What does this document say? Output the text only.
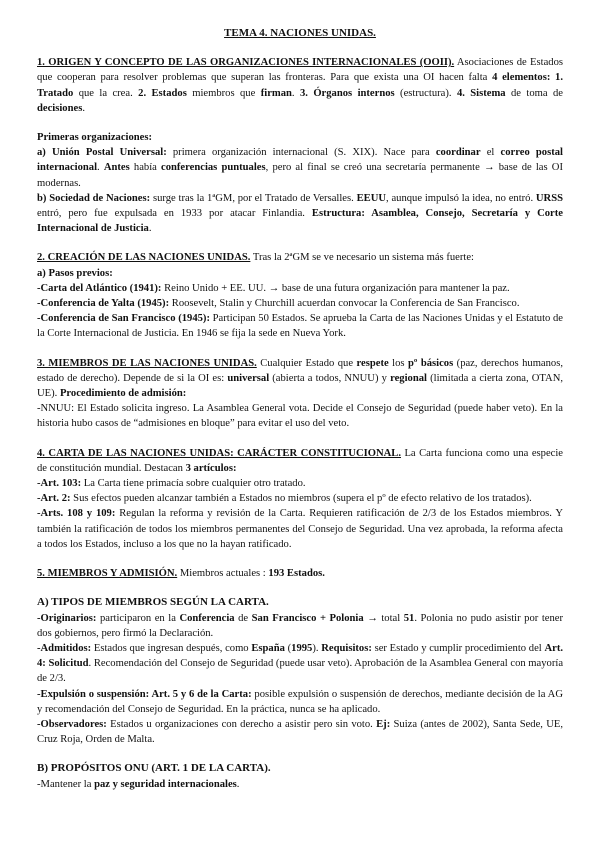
TEMA 4. NACIONES UNIDAS.

1. ORIGEN Y CONCEPTO DE LAS ORGANIZACIONES INTERNACIONALES (OOII). Asociaciones de Estados que cooperan para resolver problemas que superan las fronteras. Para que exista una OI hacen falta 4 elementos: 1. Tratado que la crea. 2. Estados miembros que firman. 3. Órganos internos (estructura). 4. Sistema de toma de decisiones.

Primeras organizaciones:

a) Unión Postal Universal: primera organización internacional (S. XIX). Nace para coordinar el correo postal internacional. Antes había conferencias puntuales, pero al final se creó una secretaría permanente → base de las OI modernas.

b) Sociedad de Naciones: surge tras la 1ªGM, por el Tratado de Versalles. EEUU, aunque impulsó la idea, no entró. URSS entró, pero fue expulsada en 1933 por atacar Finlandia. Estructura: Asamblea, Consejo, Secretaría y Corte Internacional de Justicia.

2. CREACIÓN DE LAS NACIONES UNIDAS. Tras la 2ªGM se ve necesario un sistema más fuerte:

a) Pasos previos:

-Carta del Atlántico (1941): Reino Unido + EE. UU. → base de una futura organización para mantener la paz.

-Conferencia de Yalta (1945): Roosevelt, Stalin y Churchill acuerdan convocar la Conferencia de San Francisco.

-Conferencia de San Francisco (1945): Participan 50 Estados. Se aprueba la Carta de las Naciones Unidas y el Estatuto de la Corte Internacional de Justicia. En 1946 se fija la sede en Nueva York.

3. MIEMBROS DE LAS NACIONES UNIDAS. Cualquier Estado que respete los pº básicos (paz, derechos humanos, estado de derecho). Depende de si la OI es: universal (abierta a todos, NNUU) y regional (limitada a cierta zona, OTAN, UE). Procedimiento de admisión:

-NNUU: El Estado solicita ingreso. La Asamblea General vota. Decide el Consejo de Seguridad (puede haber veto). En la historia hubo casos de “admisiones en bloque” para evitar el uso del veto.

4. CARTA DE LAS NACIONES UNIDAS: CARÁCTER CONSTITUCIONAL. La Carta funciona como una especie de constitución mundial. Destacan 3 artículos:

-Art. 103: La Carta tiene primacía sobre cualquier otro tratado.

-Art. 2: Sus efectos pueden alcanzar también a Estados no miembros (supera el pº de efecto relativo de los tratados).

-Arts. 108 y 109: Regulan la reforma y revisión de la Carta. Requieren ratificación de 2/3 de los Estados miembros. Y también la ratificación de todos los miembros permanentes del Consejo de Seguridad. Una vez aprobada, la reforma afecta a todos los Estados, incluso a los que no la hayan ratificado.

5. MIEMBROS Y ADMISIÓN. Miembros actuales : 193 Estados.

A) TIPOS DE MIEMBROS SEGÚN LA CARTA.

-Originarios: participaron en la Conferencia de San Francisco + Polonia → total 51. Polonia no pudo asistir por tener dos gobiernos, pero firmó la Declaración.

-Admitidos: Estados que ingresan después, como España (1995). Requisitos: ser Estado y cumplir procedimiento del Art. 4: Solicitud. Recomendación del Consejo de Seguridad (puede usar veto). Aprobación de la Asamblea General con mayoría de 2/3.

-Expulsión o suspensión: Art. 5 y 6 de la Carta: posible expulsión o suspensión de derechos, mediante decisión de la AG y recomendación del Consejo de Seguridad. En la práctica, nunca se ha aplicado.

-Observadores: Estados u organizaciones con derecho a asistir pero sin voto. Ej: Suiza (antes de 2002), Santa Sede, UE, Cruz Roja, Orden de Malta.

B) PROPÓSITOS ONU (ART. 1 DE LA CARTA).

-Mantener la paz y seguridad internacionales.
